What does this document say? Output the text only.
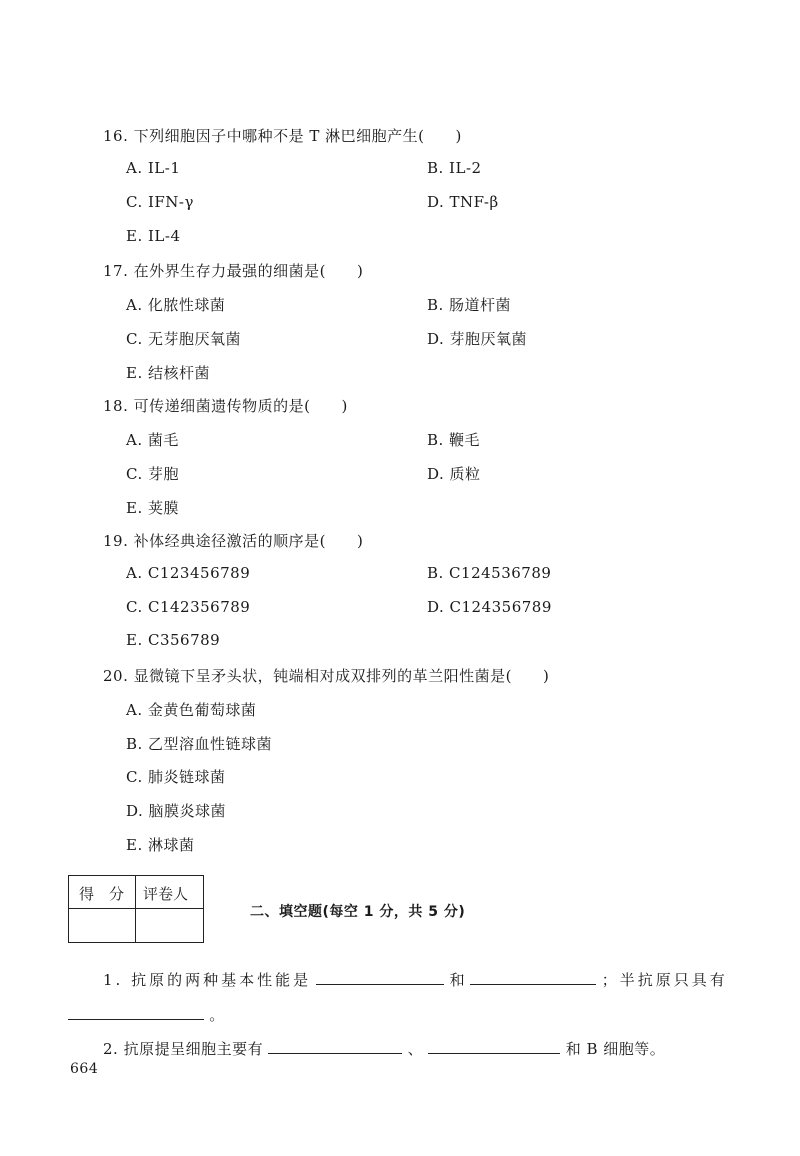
16. 下列细胞因子中哪种不是 T 淋巴细胞产生(　　)
A. IL-1	B. IL-2
C. IFN-γ	D. TNF-β
E. IL-4
17. 在外界生存力最强的细菌是(　　)
A. 化脓性球菌	B. 肠道杆菌
C. 无芽胞厌氧菌	D. 芽胞厌氧菌
E. 结核杆菌
18. 可传递细菌遗传物质的是(　　)
A. 菌毛	B. 鞭毛
C. 芽胞	D. 质粒
E. 荚膜
19. 补体经典途径激活的顺序是(　　)
A. C123456789	B. C124536789
C. C142356789	D. C124356789
E. C356789
20. 显微镜下呈矛头状，钝端相对成双排列的革兰阳性菌是(　　)
A. 金黄色葡萄球菌
B. 乙型溶血性链球菌
C. 肺炎链球菌
D. 脑膜炎球菌
E. 淋球菌
得　分 评卷人
二、填空题(每空 1 分，共 5 分)
1. 抗原的两种基本性能是	和	；半抗原只具有
。
2. 抗原提呈细胞主要有	、	和 B 细胞等。
664
